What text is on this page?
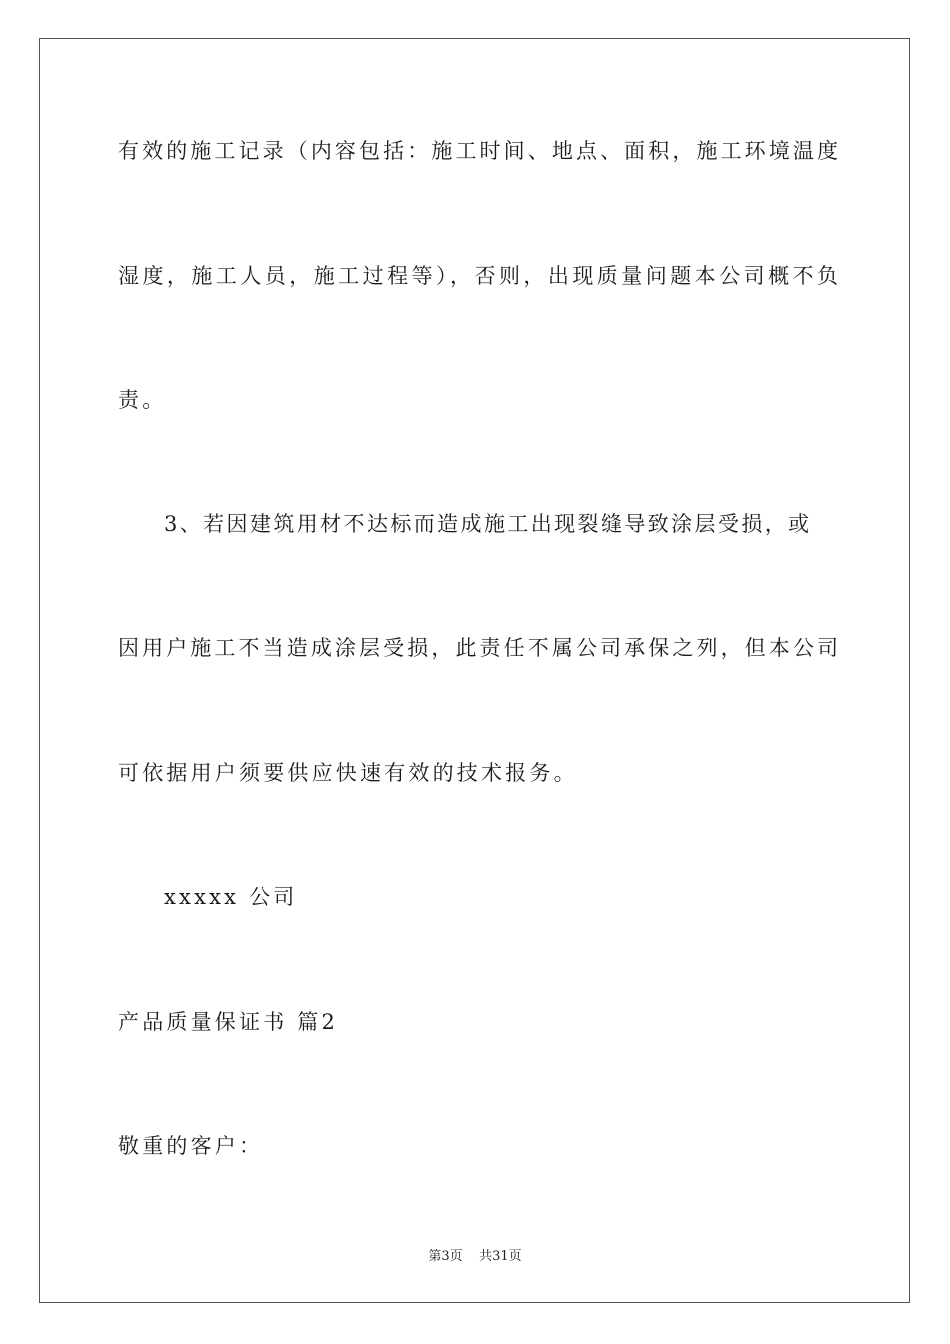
有效的施工记录（内容包括：施工时间、地点、面积，施工环境温度
湿度，施工人员，施工过程等），否则，出现质量问题本公司概不负
责。
3、若因建筑用材不达标而造成施工出现裂缝导致涂层受损，或
因用户施工不当造成涂层受损，此责任不属公司承保之列，但本公司
可依据用户须要供应快速有效的技术报务。
xxxxx 公司
产品质量保证书 篇2
敬重的客户：
第3页 共31页
